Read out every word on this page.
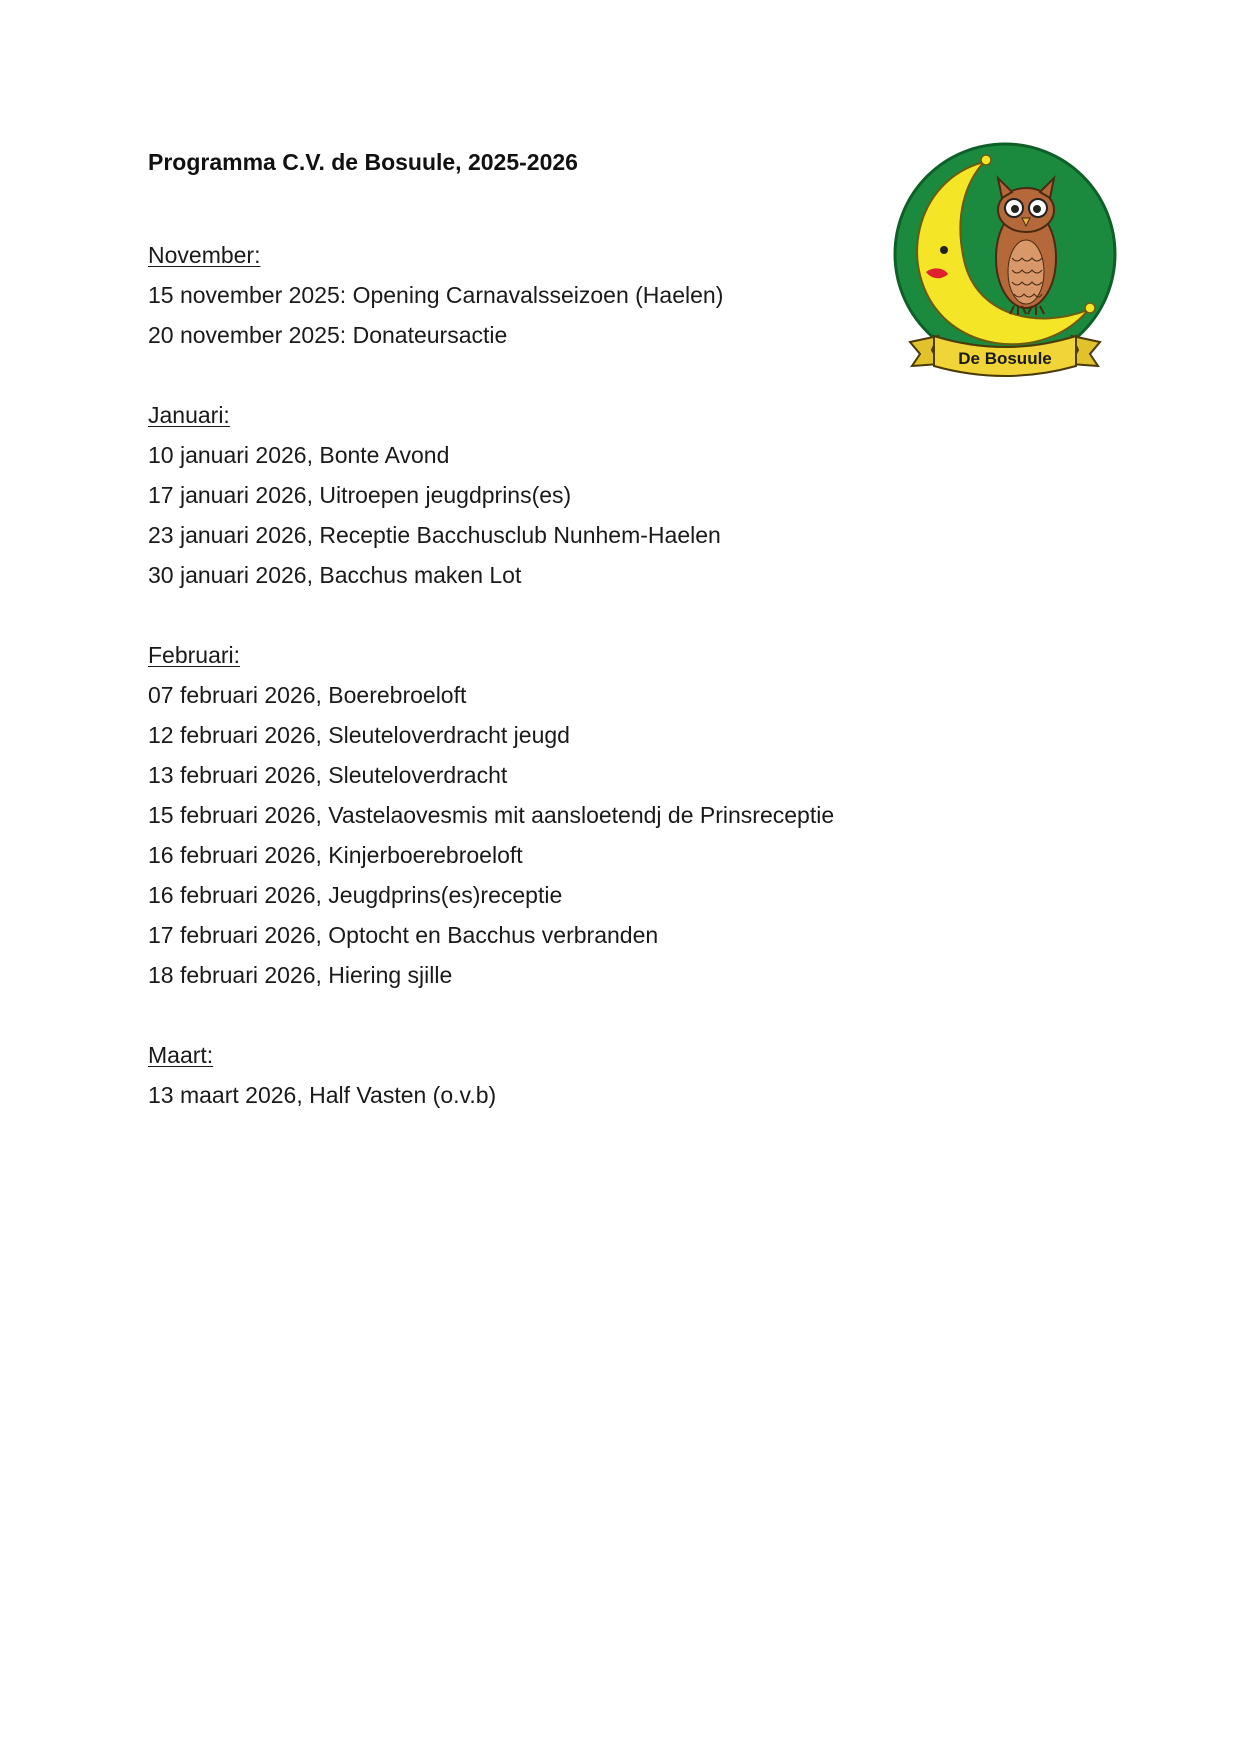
Programma C.V. de Bosuule, 2025-2026
De Bosuule
November:
15 november 2025: Opening Carnavalsseizoen (Haelen)
20 november 2025: Donateursactie
Januari:
10 januari 2026, Bonte Avond
17 januari 2026, Uitroepen jeugdprins(es)
23 januari 2026, Receptie Bacchusclub Nunhem-Haelen
30 januari 2026, Bacchus maken Lot
Februari:
07 februari 2026, Boerebroeloft
12 februari 2026, Sleuteloverdracht jeugd
13 februari 2026, Sleuteloverdracht
15 februari 2026, Vastelaovesmis mit aansloetendj de Prinsreceptie
16 februari 2026, Kinjerboerebroeloft
16 februari 2026, Jeugdprins(es)receptie
17 februari 2026, Optocht en Bacchus verbranden
18 februari 2026, Hiering sjille
Maart:
13 maart 2026, Half Vasten (o.v.b)
